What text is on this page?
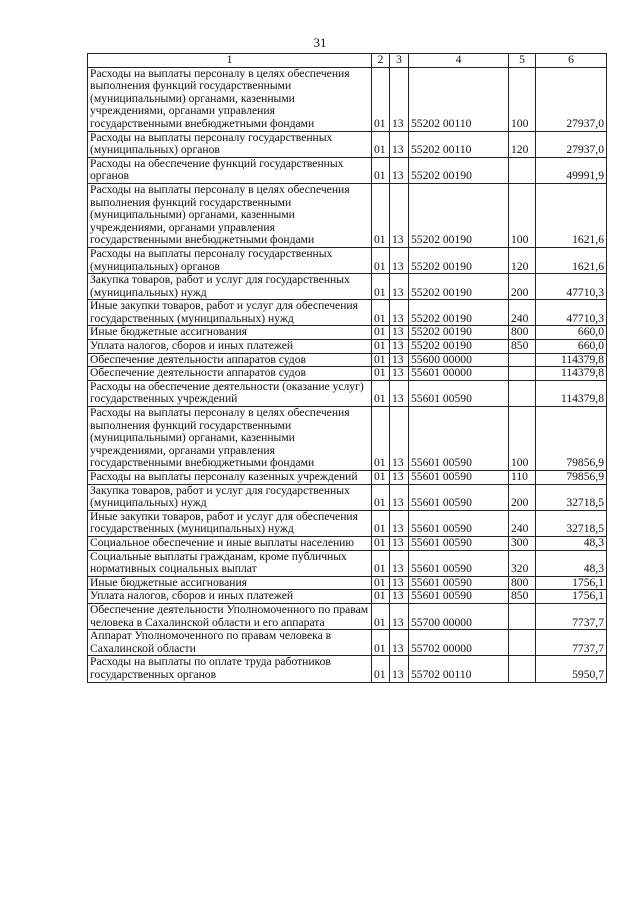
31
1	2	3	4	5	6
Расходы на выплаты персоналу в целях обеспечения выполнения функций государственными (муниципальными) органами, казенными учреждениями, органами управления государственными внебюджетными фондами	01	13	55202 00110	100	27937,0
Расходы на выплаты персоналу государственных (муниципальных) органов	01	13	55202 00110	120	27937,0
Расходы на обеспечение функций государственных органов	01	13	55202 00190		49991,9
Расходы на выплаты персоналу в целях обеспечения выполнения функций государственными (муниципальными) органами, казенными учреждениями, органами управления государственными внебюджетными фондами	01	13	55202 00190	100	1621,6
Расходы на выплаты персоналу государственных (муниципальных) органов	01	13	55202 00190	120	1621,6
Закупка товаров, работ и услуг для государственных (муниципальных) нужд	01	13	55202 00190	200	47710,3
Иные закупки товаров, работ и услуг для обеспечения государственных (муниципальных) нужд	01	13	55202 00190	240	47710,3
Иные бюджетные ассигнования	01	13	55202 00190	800	660,0
Уплата налогов, сборов и иных платежей	01	13	55202 00190	850	660,0
Обеспечение деятельности аппаратов судов	01	13	55600 00000		114379,8
Обеспечение деятельности аппаратов судов	01	13	55601 00000		114379,8
Расходы на обеспечение деятельности (оказание услуг) государственных учреждений	01	13	55601 00590		114379,8
Расходы на выплаты персоналу в целях обеспечения выполнения функций государственными (муниципальными) органами, казенными учреждениями, органами управления государственными внебюджетными фондами	01	13	55601 00590	100	79856,9
Расходы на выплаты персоналу казенных учреждений	01	13	55601 00590	110	79856,9
Закупка товаров, работ и услуг для государственных (муниципальных) нужд	01	13	55601 00590	200	32718,5
Иные закупки товаров, работ и услуг для обеспечения государственных (муниципальных) нужд	01	13	55601 00590	240	32718,5
Социальное обеспечение и иные выплаты населению	01	13	55601 00590	300	48,3
Социальные выплаты гражданам, кроме публичных нормативных социальных выплат	01	13	55601 00590	320	48,3
Иные бюджетные ассигнования	01	13	55601 00590	800	1756,1
Уплата налогов, сборов и иных платежей	01	13	55601 00590	850	1756,1
Обеспечение деятельности Уполномоченного по правам человека в Сахалинской области и его аппарата	01	13	55700 00000		7737,7
Аппарат Уполномоченного по правам человека в Сахалинской области	01	13	55702 00000		7737,7
Расходы на выплаты по оплате труда работников государственных органов	01	13	55702 00110		5950,7
